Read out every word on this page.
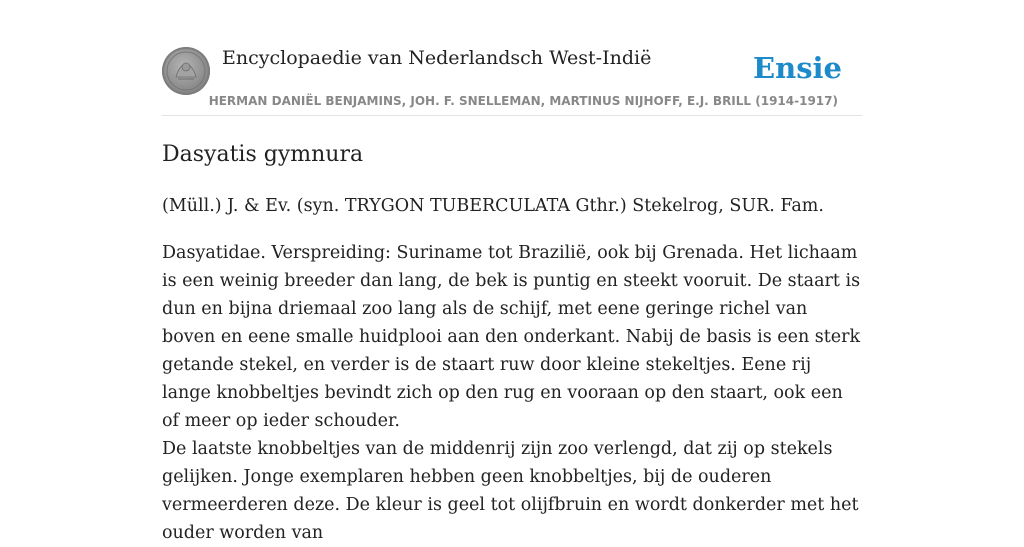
Encyclopaedie van Nederlandsch West-Indië	Ensie
HERMAN DANIËL BENJAMINS, JOH. F. SNELLEMAN, MARTINUS NIJHOFF, E.J. BRILL (1914-1917)
Dasyatis gymnura

(Müll.) J. & Ev. (syn. TRYGON TUBERCULATA Gthr.) Stekelrog, SUR. Fam.

Dasyatidae. Verspreiding: Suriname tot Brazilië, ook bij Grenada. Het lichaam is een weinig breeder dan lang, de bek is puntig en steekt vooruit. De staart is dun en bijna driemaal zoo lang als de schijf, met eene geringe richel van boven en eene smalle huidplooi aan den onderkant. Nabij de basis is een sterk getande stekel, en verder is de staart ruw door kleine stekeltjes. Eene rij lange knobbeltjes bevindt zich op den rug en vooraan op den staart, ook een of meer op ieder schouder.

De laatste knobbeltjes van de middenrij zijn zoo verlengd, dat zij op stekels gelijken. Jonge exemplaren hebben geen knobbeltjes, bij de ouderen vermeerderen deze. De kleur is geel tot olijfbruin en wordt donkerder met het ouder worden van
